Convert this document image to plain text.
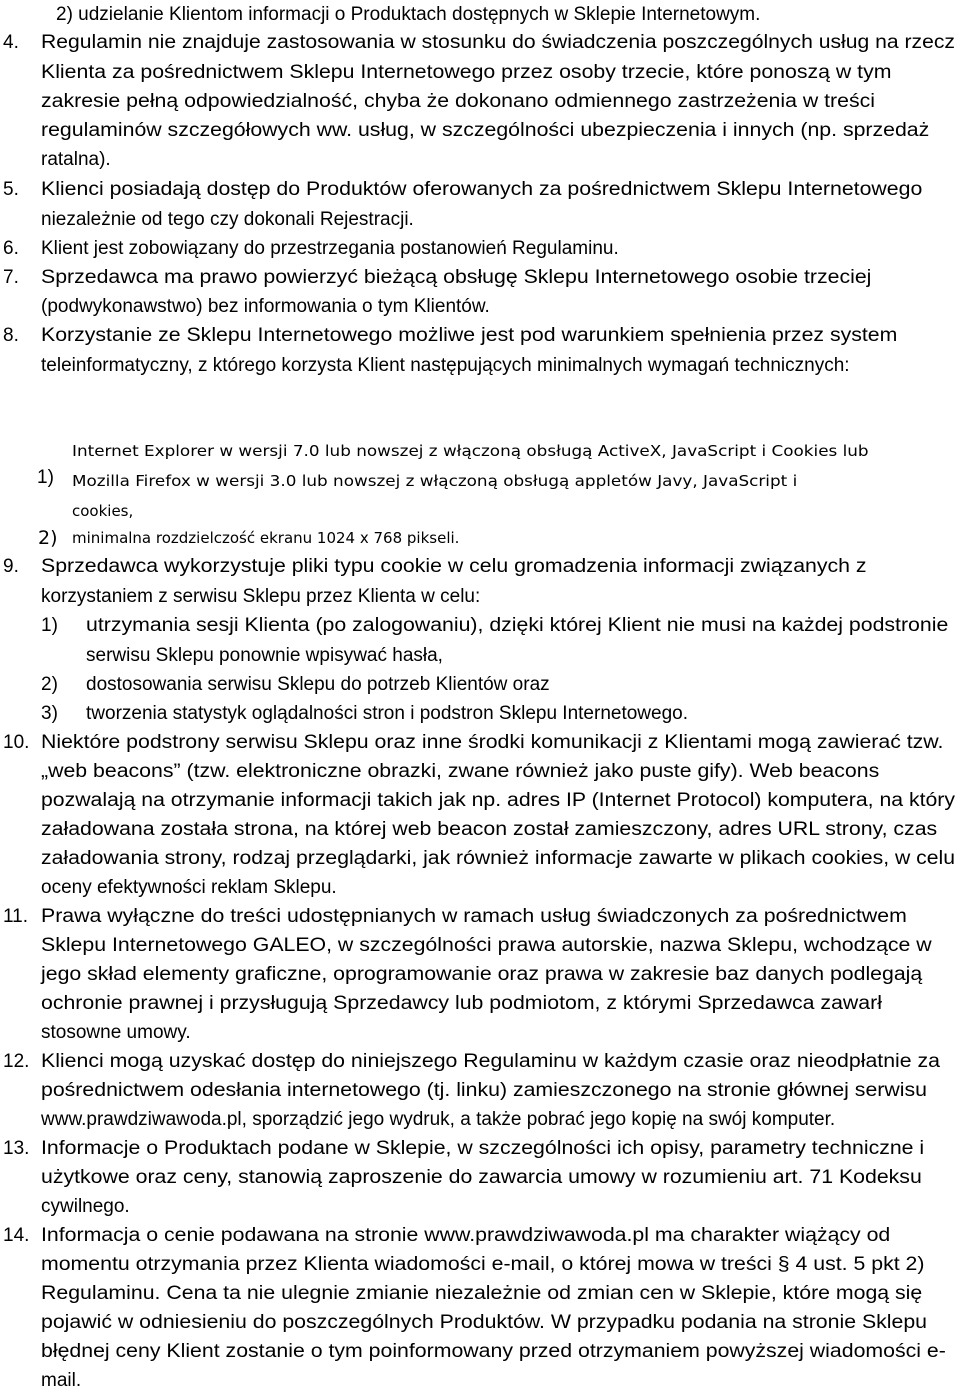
2) udzielanie Klientom informacji o Produktach dostępnych w Sklepie Internetowym.
4. Regulamin nie znajduje zastosowania w stosunku do świadczenia poszczególnych usług na rzecz
Klienta za pośrednictwem Sklepu Internetowego przez osoby trzecie, które ponoszą w tym
zakresie pełną odpowiedzialność, chyba że dokonano odmiennego zastrzeżenia w treści
regulaminów szczegółowych ww. usług, w szczególności ubezpieczenia i innych (np. sprzedaż
ratalna).
5. Klienci posiadają dostęp do Produktów oferowanych za pośrednictwem Sklepu Internetowego
niezależnie od tego czy dokonali Rejestracji.
6. Klient jest zobowiązany do przestrzegania postanowień Regulaminu.
7. Sprzedawca ma prawo powierzyć bieżącą obsługę Sklepu Internetowego osobie trzeciej
(podwykonawstwo) bez informowania o tym Klientów.
8. Korzystanie ze Sklepu Internetowego możliwe jest pod warunkiem spełnienia przez system
teleinformatyczny, z którego korzysta Klient następujących minimalnych wymagań technicznych:
1)
Internet Explorer w wersji 7.0 lub nowszej z włączoną obsługą ActiveX, JavaScript i Cookies lub
Mozilla Firefox w wersji 3.0 lub nowszej z włączoną obsługą appletów Javy, JavaScript i
cookies,
2) minimalna rozdzielczość ekranu 1024 x 768 pikseli.
9. Sprzedawca wykorzystuje pliki typu cookie w celu gromadzenia informacji związanych z
korzystaniem z serwisu Sklepu przez Klienta w celu:
1) utrzymania sesji Klienta (po zalogowaniu), dzięki której Klient nie musi na każdej podstronie
serwisu Sklepu ponownie wpisywać hasła,
2) dostosowania serwisu Sklepu do potrzeb Klientów oraz
3) tworzenia statystyk oglądalności stron i podstron Sklepu Internetowego.
10. Niektóre podstrony serwisu Sklepu oraz inne środki komunikacji z Klientami mogą zawierać tzw.
„web beacons” (tzw. elektroniczne obrazki, zwane również jako puste gify). Web beacons
pozwalają na otrzymanie informacji takich jak np. adres IP (Internet Protocol) komputera, na który
załadowana została strona, na której web beacon został zamieszczony, adres URL strony, czas
załadowania strony, rodzaj przeglądarki, jak również informacje zawarte w plikach cookies, w celu
oceny efektywności reklam Sklepu.
11. Prawa wyłączne do treści udostępnianych w ramach usług świadczonych za pośrednictwem
Sklepu Internetowego GALEO, w szczególności prawa autorskie, nazwa Sklepu, wchodzące w
jego skład elementy graficzne, oprogramowanie oraz prawa w zakresie baz danych podlegają
ochronie prawnej i przysługują Sprzedawcy lub podmiotom, z którymi Sprzedawca zawarł
stosowne umowy.
12. Klienci mogą uzyskać dostęp do niniejszego Regulaminu w każdym czasie oraz nieodpłatnie za
pośrednictwem odesłania internetowego (tj. linku) zamieszczonego na stronie głównej serwisu
www.prawdziwawoda.pl, sporządzić jego wydruk, a także pobrać jego kopię na swój komputer.
13. Informacje o Produktach podane w Sklepie, w szczególności ich opisy, parametry techniczne i
użytkowe oraz ceny, stanowią zaproszenie do zawarcia umowy w rozumieniu art. 71 Kodeksu
cywilnego.
14. Informacja o cenie podawana na stronie www.prawdziwawoda.pl ma charakter wiążący od
momentu otrzymania przez Klienta wiadomości e-mail, o której mowa w treści § 4 ust. 5 pkt 2)
Regulaminu. Cena ta nie ulegnie zmianie niezależnie od zmian cen w Sklepie, które mogą się
pojawić w odniesieniu do poszczególnych Produktów. W przypadku podania na stronie Sklepu
błędnej ceny Klient zostanie o tym poinformowany przed otrzymaniem powyższej wiadomości e-
mail.
